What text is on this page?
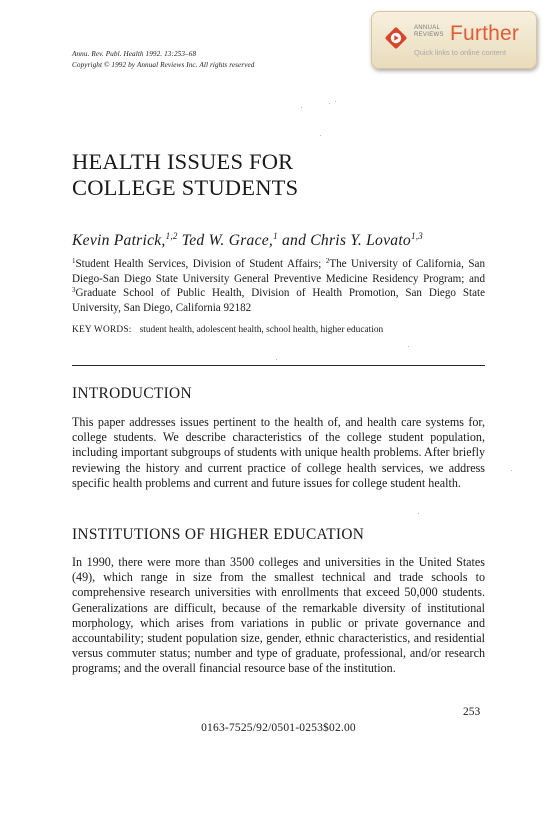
Annu. Rev. Publ. Health 1992. 13:253–68
Copyright © 1992 by Annual Reviews Inc. All rights reserved
ANNUAL
REVIEWS Further
Quick links to online content
HEALTH ISSUES FOR
COLLEGE STUDENTS
Kevin Patrick,$^{1,2}$ Ted W. Grace,$^1$ and Chris Y. Lovato$^{1,3}$
$^1$Student Health Services, Division of Student Affairs; $^2$The University of California, San Diego-San Diego State University General Preventive Medicine Residency Program; and $^3$Graduate School of Public Health, Division of Health Promotion, San Diego State University, San Diego, California 92182
KEY WORDS: student health, adolescent health, school health, higher education
INTRODUCTION
This paper addresses issues pertinent to the health of, and health care systems for, college students. We describe characteristics of the college student population, including important subgroups of students with unique health problems. After briefly reviewing the history and current practice of college health services, we address specific health problems and current and future issues for college student health.
INSTITUTIONS OF HIGHER EDUCATION
In 1990, there were more than 3500 colleges and universities in the United States (49), which range in size from the smallest technical and trade schools to comprehensive research universities with enrollments that exceed 50,000 students. Generalizations are difficult, because of the remarkable diversity of institutional morphology, which arises from variations in public or private governance and accountability; student population size, gender, ethnic characteristics, and residential versus commuter status; number and type of graduate, professional, and/or research programs; and the overall financial resource base of the institution.
253
0163-7525/92/0501-0253$02.00
